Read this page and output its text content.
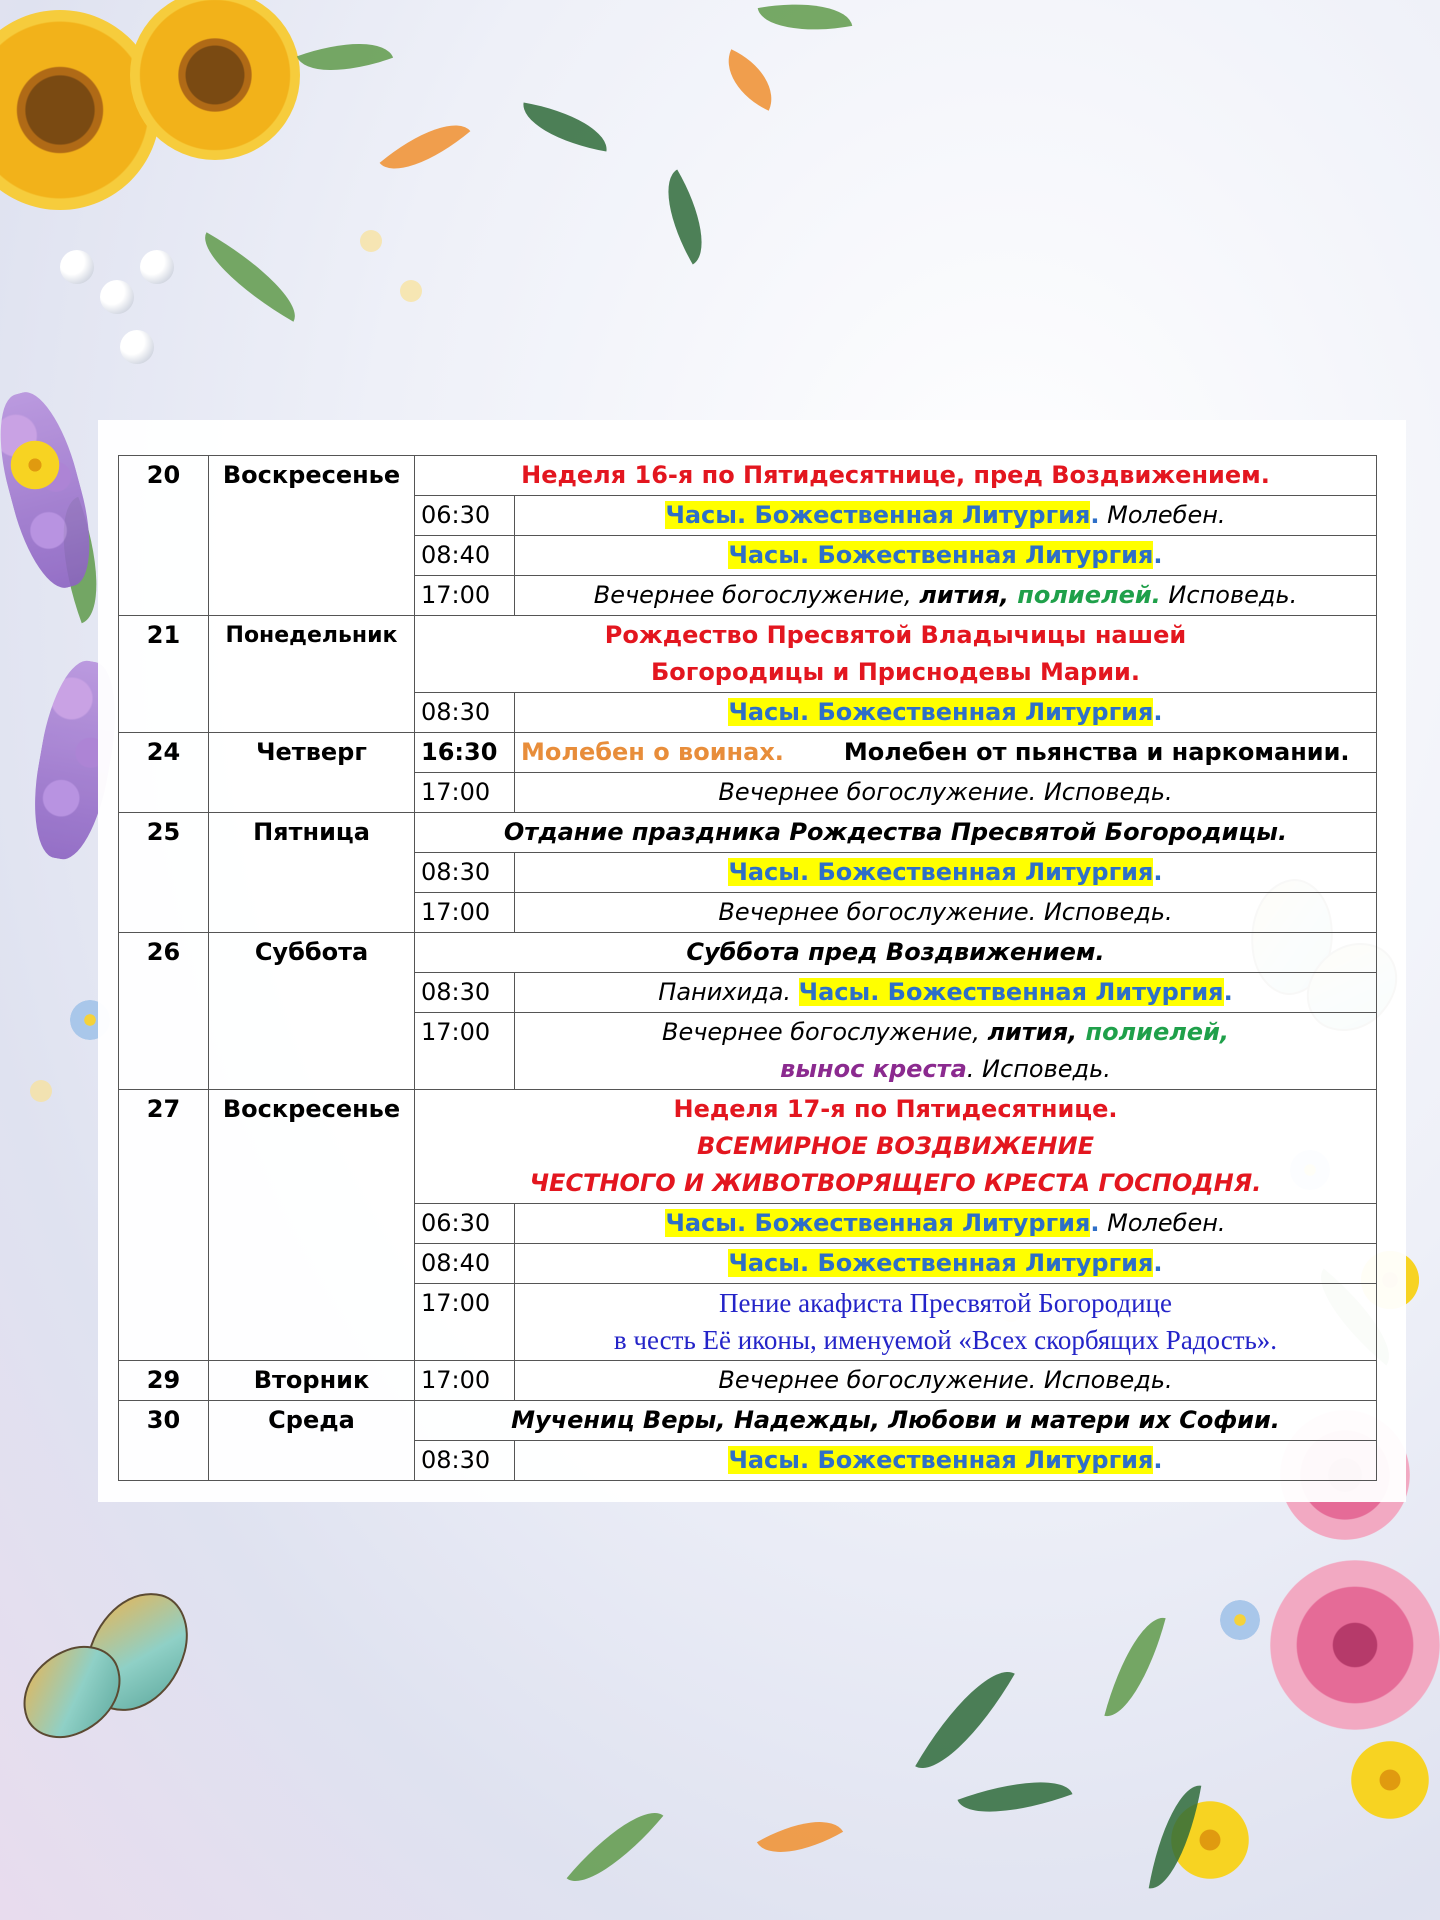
20	Воскресенье	Неделя 16-я по Пятидесятнице, пред Воздвижением.	
		06:30	Часы. Божественная Литургия. Молебен.
		08:40	Часы. Божественная Литургия.
		17:00	Вечернее богослужение, лития, полиелей. Исповедь.
21	Понедельник	Рождество Пресвятой Владычицы нашей
Богородицы и Приснодевы Марии.	

		08:30	Часы. Божественная Литургия.
24	Четверг	16:30	Молебен о воинах. Молебен от пьянства и наркомании.
		17:00	Вечернее богослужение. Исповедь.
25	Пятница	Отдание праздника Рождества Пресвятой Богородицы.	
		08:30	Часы. Божественная Литургия.
		17:00	Вечернее богослужение. Исповедь.
26	Суббота	Суббота пред Воздвижением.	
		08:30	Панихида. Часы. Божественная Литургия.
		17:00	Вечернее богослужение, лития, полиелей,
вынос креста. Исповедь.

27	Воскресенье	Неделя 17-я по Пятидесятнице.
ВСЕМИРНОЕ ВОЗДВИЖЕНИЕ
ЧЕСТНОГО И ЖИВОТВОРЯЩЕГО КРЕСТА ГОСПОДНЯ.	

		06:30	Часы. Божественная Литургия. Молебен.
		08:40	Часы. Божественная Литургия.
		17:00	Пение акафиста Пресвятой Богородице
в честь Её иконы, именуемой «Всех скорбящих Радость».

29	Вторник	17:00	Вечернее богослужение. Исповедь.
30	Среда	Мучениц Веры, Надежды, Любови и матери их Софии.	
		08:30	Часы. Божественная Литургия.
